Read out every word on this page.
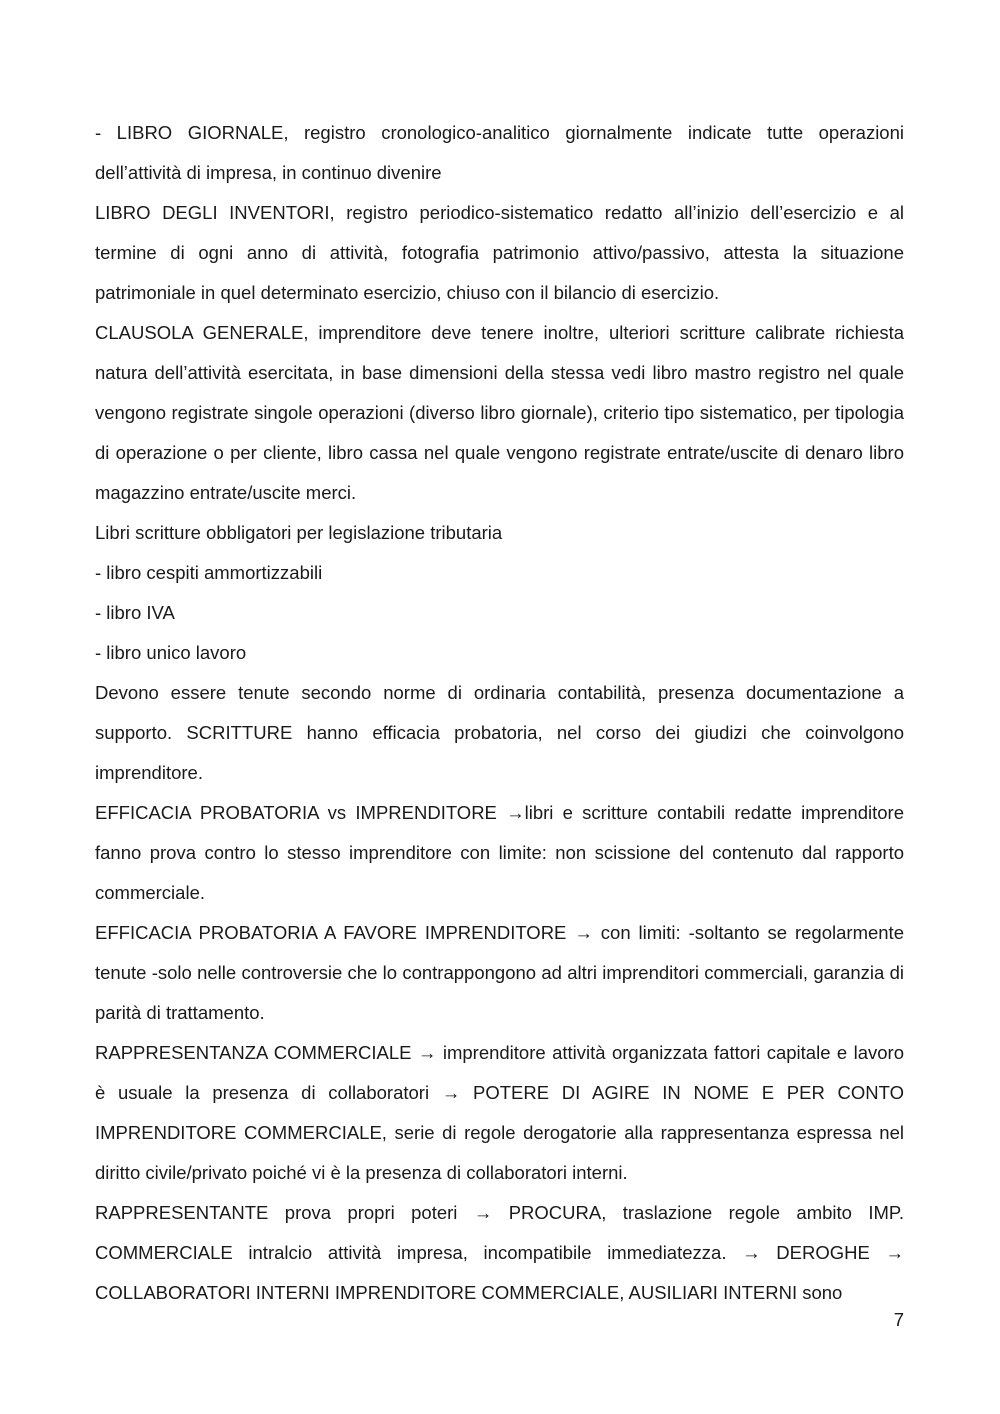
- LIBRO GIORNALE, registro cronologico-analitico giornalmente indicate tutte operazioni dell’attività di impresa, in continuo divenire

LIBRO DEGLI INVENTORI, registro periodico-sistematico redatto all’inizio dell’esercizio e al termine di ogni anno di attività, fotografia patrimonio attivo/passivo, attesta la situazione patrimoniale in quel determinato esercizio, chiuso con il bilancio di esercizio.

CLAUSOLA GENERALE, imprenditore deve tenere inoltre, ulteriori scritture calibrate richiesta natura dell’attività esercitata, in base dimensioni della stessa vedi libro mastro registro nel quale vengono registrate singole operazioni (diverso libro giornale), criterio tipo sistematico, per tipologia di operazione o per cliente, libro cassa nel quale vengono registrate entrate/uscite di denaro libro magazzino entrate/uscite merci.

Libri scritture obbligatori per legislazione tributaria

- libro cespiti ammortizzabili

- libro IVA

- libro unico lavoro

Devono essere tenute secondo norme di ordinaria contabilità, presenza documentazione a supporto. SCRITTURE hanno efficacia probatoria, nel corso dei giudizi che coinvolgono imprenditore.

EFFICACIA PROBATORIA vs IMPRENDITORE →libri e scritture contabili redatte imprenditore fanno prova contro lo stesso imprenditore con limite: non scissione del contenuto dal rapporto commerciale.

EFFICACIA PROBATORIA A FAVORE IMPRENDITORE → con limiti: -soltanto se regolarmente tenute -solo nelle controversie che lo contrappongono ad altri imprenditori commerciali, garanzia di parità di trattamento.

RAPPRESENTANZA COMMERCIALE → imprenditore attività organizzata fattori capitale e lavoro è usuale la presenza di collaboratori → POTERE DI AGIRE IN NOME E PER CONTO IMPRENDITORE COMMERCIALE, serie di regole derogatorie alla rappresentanza espressa nel diritto civile/privato poiché vi è la presenza di collaboratori interni.

RAPPRESENTANTE prova propri poteri → PROCURA, traslazione regole ambito IMP. COMMERCIALE intralcio attività impresa, incompatibile immediatezza. → DEROGHE → COLLABORATORI INTERNI IMPRENDITORE COMMERCIALE, AUSILIARI INTERNI sono

7
